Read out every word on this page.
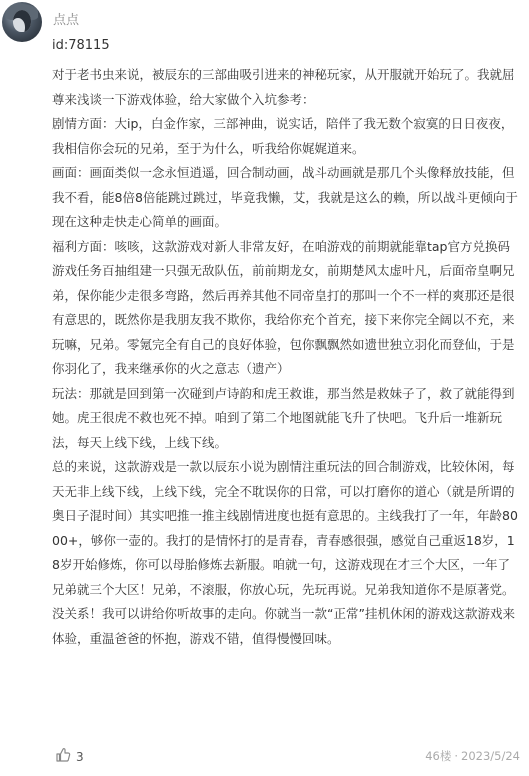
点点
id:78115

对于老书虫来说，被辰东的三部曲吸引进来的神秘玩家，从开服就开始玩了。我就屈尊来浅谈一下游戏体验，给大家做个入坑参考：

剧情方面：大ip，白金作家，三部神曲，说实话，陪伴了我无数个寂寞的日日夜夜，我相信你会玩的兄弟，至于为什么，听我给你娓娓道来。

画面：画面类似一念永恒逍遥，回合制动画，战斗动画就是那几个头像释放技能，但我不看，能8倍8倍能跳过跳过，毕竟我懒，艾，我就是这么的赖，所以战斗更倾向于现在这种走快走心简单的画面。

福利方面：咳咳，这款游戏对新人非常友好，在咱游戏的前期就能靠tap官方兑换码游戏任务百抽组建一只强无敌队伍，前前期龙女，前期楚风太虚叶凡，后面帝皇啊兄弟，保你能少走很多弯路，然后再养其他不同帝皇打的那叫一个不一样的爽那还是很有意思的，既然你是我朋友我不欺你，我给你充个首充，接下来你完全阔以不充，来玩嘛，兄弟。零氪完全有自己的良好体验，包你飘飘然如遗世独立羽化而登仙，于是你羽化了，我来继承你的火之意志（遗产）

玩法：那就是回到第一次碰到卢诗韵和虎王救谁，那当然是救妹子了，救了就能得到她。虎王很虎不救也死不掉。咱到了第二个地图就能飞升了快吧。飞升后一堆新玩法，每天上线下线，上线下线。

总的来说，这款游戏是一款以辰东小说为剧情注重玩法的回合制游戏，比较休闲，每天无非上线下线，上线下线，完全不耽误你的日常，可以打磨你的道心（就是所谓的奥日子混时间）其实吧推一推主线剧情进度也挺有意思的。主线我打了一年，年龄8000+，够你一壶的。我打的是情怀打的是青春，青春感很强，感觉自己重返18岁，18岁开始修炼，你可以母胎修炼去新服。咱就一句，这游戏现在才三个大区，一年了兄弟就三个大区！兄弟，不滚服，你放心玩，先玩再说。兄弟我知道你不是原著党。没关系！我可以讲给你听故事的走向。你就当一款“正常”挂机休闲的游戏这款游戏来体验，重温爸爸的怀抱，游戏不错，值得慢慢回味。

3	46楼 · 2023/5/24
